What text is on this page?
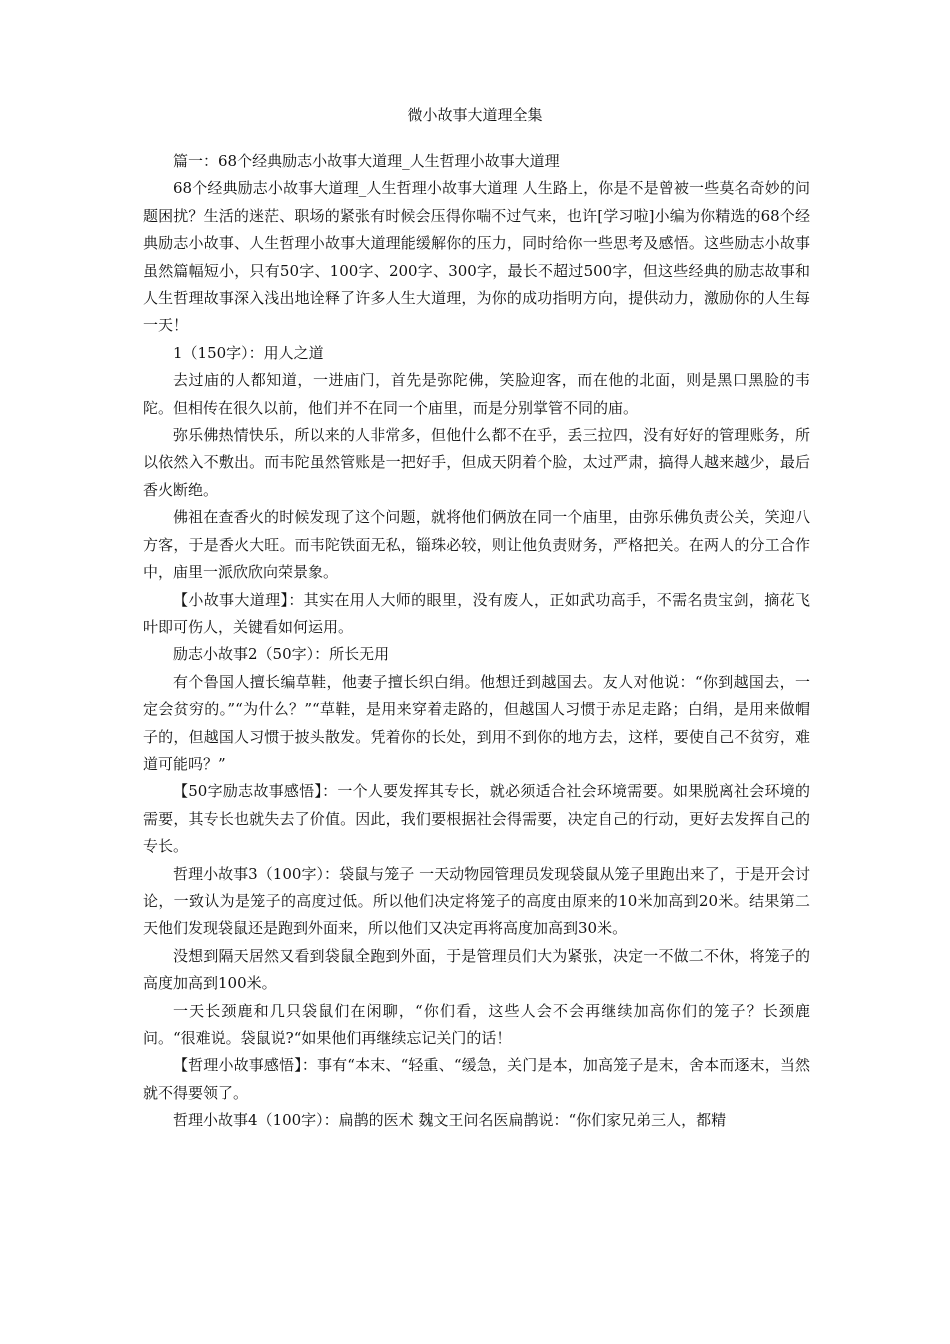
微小故事大道理全集

篇一：68个经典励志小故事大道理_人生哲理小故事大道理

68个经典励志小故事大道理_人生哲理小故事大道理 人生路上，你是不是曾被一些莫名奇妙的问题困扰？生活的迷茫、职场的紧张有时候会压得你喘不过气来，也许[学习啦]小编为你精选的68个经典励志小故事、人生哲理小故事大道理能缓解你的压力，同时给你一些思考及感悟。这些励志小故事虽然篇幅短小，只有50字、100字、200字、300字，最长不超过500字，但这些经典的励志故事和人生哲理故事深入浅出地诠释了许多人生大道理，为你的成功指明方向，提供动力，激励你的人生每一天！

1（150字）：用人之道

去过庙的人都知道，一进庙门，首先是弥陀佛，笑脸迎客，而在他的北面，则是黑口黑脸的韦陀。但相传在很久以前，他们并不在同一个庙里，而是分别掌管不同的庙。

弥乐佛热情快乐，所以来的人非常多，但他什么都不在乎，丢三拉四，没有好好的管理账务，所以依然入不敷出。而韦陀虽然管账是一把好手，但成天阴着个脸，太过严肃，搞得人越来越少，最后香火断绝。

佛祖在查香火的时候发现了这个问题，就将他们俩放在同一个庙里，由弥乐佛负责公关，笑迎八方客，于是香火大旺。而韦陀铁面无私，锱珠必较，则让他负责财务，严格把关。在两人的分工合作中，庙里一派欣欣向荣景象。

【小故事大道理】：其实在用人大师的眼里，没有废人，正如武功高手，不需名贵宝剑，摘花飞叶即可伤人，关键看如何运用。

励志小故事2（50字）：所长无用

有个鲁国人擅长编草鞋，他妻子擅长织白绢。他想迁到越国去。友人对他说：“你到越国去，一定会贫穷的。”“为什么？”“草鞋，是用来穿着走路的，但越国人习惯于赤足走路；白绢，是用来做帽子的，但越国人习惯于披头散发。凭着你的长处，到用不到你的地方去，这样，要使自己不贫穷，难道可能吗？”

【50字励志故事感悟】：一个人要发挥其专长，就必须适合社会环境需要。如果脱离社会环境的需要，其专长也就失去了价值。因此，我们要根据社会得需要，决定自己的行动，更好去发挥自己的专长。

哲理小故事3（100字）：袋鼠与笼子 一天动物园管理员发现袋鼠从笼子里跑出来了，于是开会讨论，一致认为是笼子的高度过低。所以他们决定将笼子的高度由原来的10米加高到20米。结果第二天他们发现袋鼠还是跑到外面来，所以他们又决定再将高度加高到30米。

没想到隔天居然又看到袋鼠全跑到外面，于是管理员们大为紧张，决定一不做二不休，将笼子的高度加高到100米。

一天长颈鹿和几只袋鼠们在闲聊，“你们看，这些人会不会再继续加高你们的笼子？长颈鹿问。“很难说。袋鼠说?“如果他们再继续忘记关门的话！

【哲理小故事感悟】：事有“本末、“轻重、“缓急，关门是本，加高笼子是末，舍本而逐末，当然就不得要领了。

哲理小故事4（100字）：扁鹊的医术 魏文王问名医扁鹊说：“你们家兄弟三人，都精
